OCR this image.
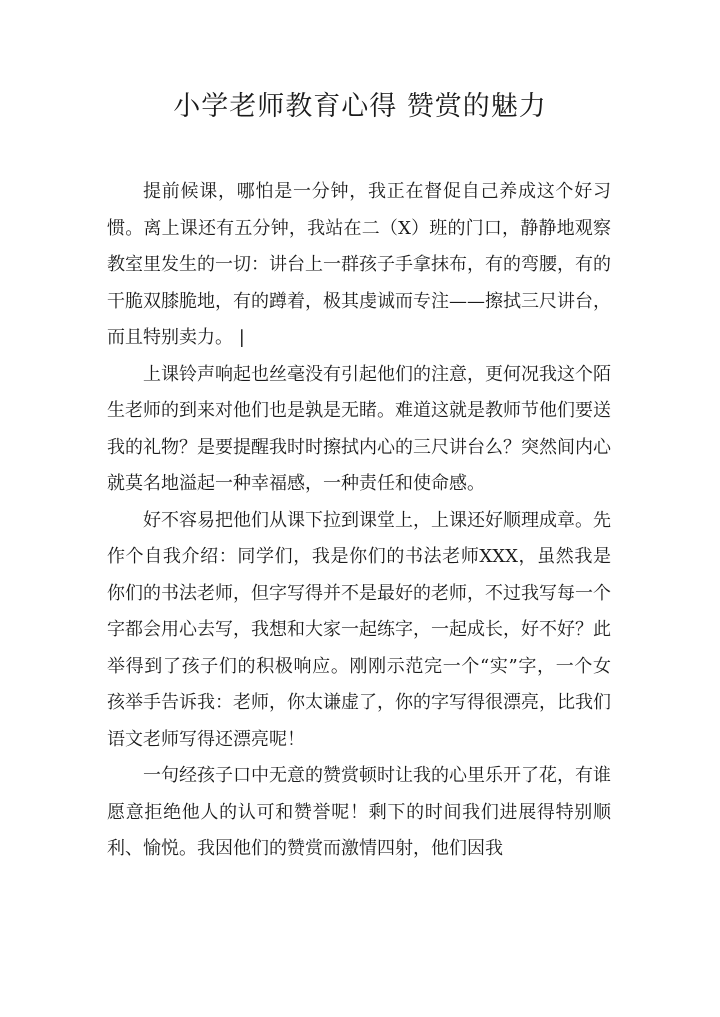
小学老师教育心得 赞赏的魅力

提前候课，哪怕是一分钟，我正在督促自己养成这个好习惯。离上课还有五分钟，我站在二（X）班的门口，静静地观察教室里发生的一切：讲台上一群孩子手拿抹布，有的弯腰，有的干脆双膝脆地，有的蹲着，极其虔诚而专注——擦拭三尺讲台，而且特别卖力。 |

上课铃声响起也丝毫没有引起他们的注意，更何况我这个陌生老师的到来对他们也是孰是无睹。难道这就是教师节他们要送我的礼物？是要提醒我时时擦拭内心的三尺讲台么？突然间内心就莫名地溢起一种幸福感，一种责任和使命感。

好不容易把他们从课下拉到课堂上，上课还好顺理成章。先作个自我介绍：同学们，我是你们的书法老师XXX，虽然我是你们的书法老师，但字写得并不是最好的老师，不过我写每一个字都会用心去写，我想和大家一起练字，一起成长，好不好？此举得到了孩子们的积极响应。刚刚示范完一个“实”字，一个女孩举手告诉我：老师，你太谦虚了，你的字写得很漂亮，比我们语文老师写得还漂亮呢！

一句经孩子口中无意的赞赏顿时让我的心里乐开了花，有谁愿意拒绝他人的认可和赞誉呢！剩下的时间我们进展得特别顺利、愉悦。我因他们的赞赏而激情四射，他们因我
